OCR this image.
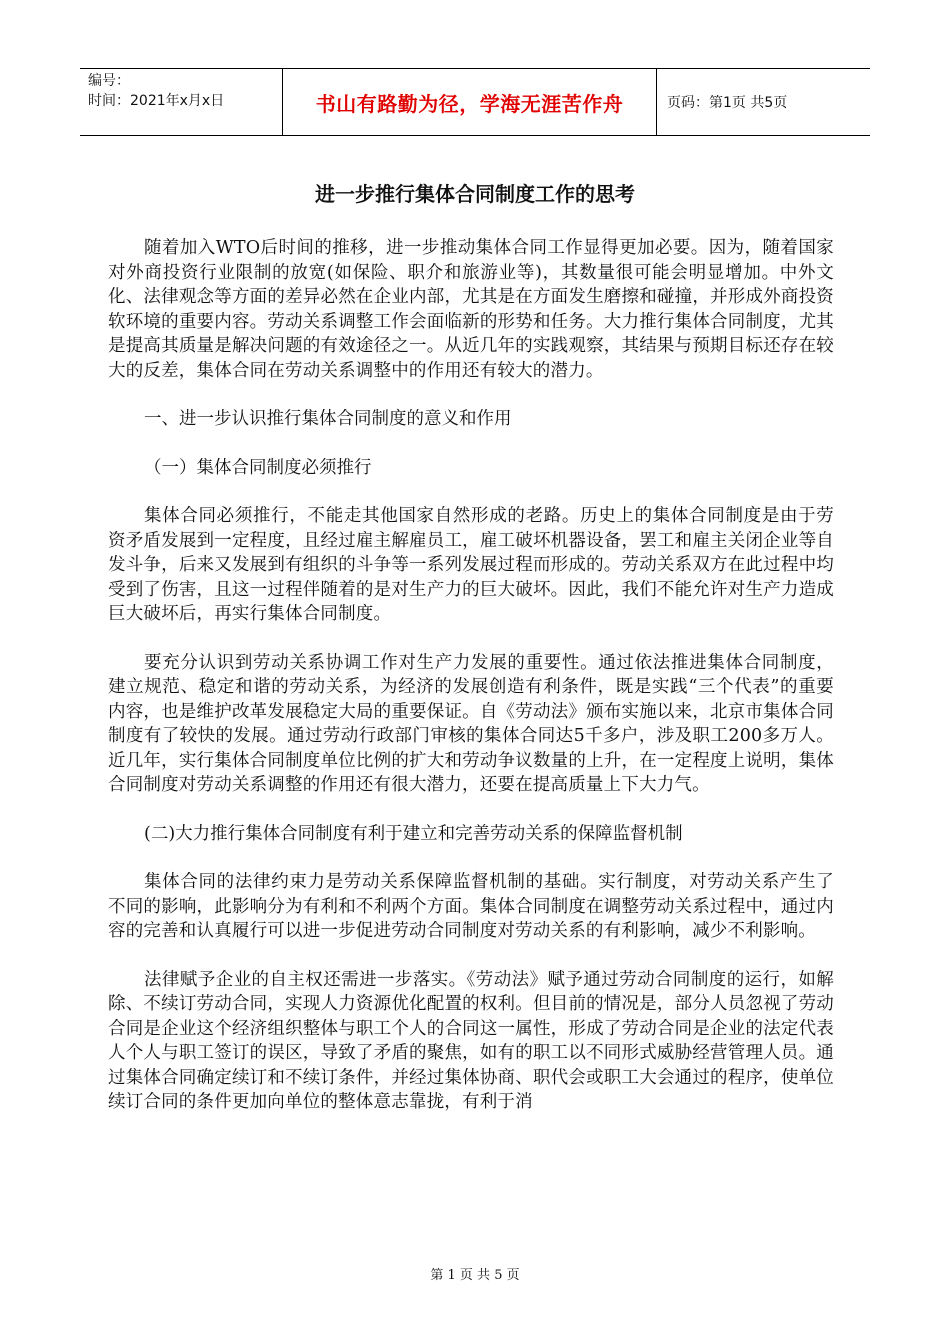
编号：
时间：2021年x月x日	书山有路勤为径，学海无涯苦作舟	页码：第1页 共5页
进一步推行集体合同制度工作的思考

随着加入WTO后时间的推移，进一步推动集体合同工作显得更加必要。因为，随着国家对外商投资行业限制的放宽(如保险、职介和旅游业等)，其数量很可能会明显增加。中外文化、法律观念等方面的差异必然在企业内部，尤其是在方面发生磨擦和碰撞，并形成外商投资软环境的重要内容。劳动关系调整工作会面临新的形势和任务。大力推行集体合同制度，尤其是提高其质量是解决问题的有效途径之一。从近几年的实践观察，其结果与预期目标还存在较大的反差，集体合同在劳动关系调整中的作用还有较大的潜力。

一、进一步认识推行集体合同制度的意义和作用

（一）集体合同制度必须推行

集体合同必须推行，不能走其他国家自然形成的老路。历史上的集体合同制度是由于劳资矛盾发展到一定程度，且经过雇主解雇员工，雇工破坏机器设备，罢工和雇主关闭企业等自发斗争，后来又发展到有组织的斗争等一系列发展过程而形成的。劳动关系双方在此过程中均受到了伤害，且这一过程伴随着的是对生产力的巨大破坏。因此，我们不能允许对生产力造成巨大破坏后，再实行集体合同制度。

要充分认识到劳动关系协调工作对生产力发展的重要性。通过依法推进集体合同制度，建立规范、稳定和谐的劳动关系，为经济的发展创造有利条件，既是实践“三个代表”的重要内容，也是维护改革发展稳定大局的重要保证。自《劳动法》颁布实施以来，北京市集体合同制度有了较快的发展。通过劳动行政部门审核的集体合同达5千多户，涉及职工200多万人。近几年，实行集体合同制度单位比例的扩大和劳动争议数量的上升，在一定程度上说明，集体合同制度对劳动关系调整的作用还有很大潜力，还要在提高质量上下大力气。

(二)大力推行集体合同制度有利于建立和完善劳动关系的保障监督机制

集体合同的法律约束力是劳动关系保障监督机制的基础。实行制度，对劳动关系产生了不同的影响，此影响分为有利和不利两个方面。集体合同制度在调整劳动关系过程中，通过内容的完善和认真履行可以进一步促进劳动合同制度对劳动关系的有利影响，减少不利影响。

法律赋予企业的自主权还需进一步落实。《劳动法》赋予通过劳动合同制度的运行，如解除、不续订劳动合同，实现人力资源优化配置的权利。但目前的情况是，部分人员忽视了劳动合同是企业这个经济组织整体与职工个人的合同这一属性，形成了劳动合同是企业的法定代表人个人与职工签订的误区，导致了矛盾的聚焦，如有的职工以不同形式威胁经营管理人员。通过集体合同确定续订和不续订条件，并经过集体协商、职代会或职工大会通过的程序，使单位续订合同的条件更加向单位的整体意志靠拢，有利于消

第 1 页 共 5 页
